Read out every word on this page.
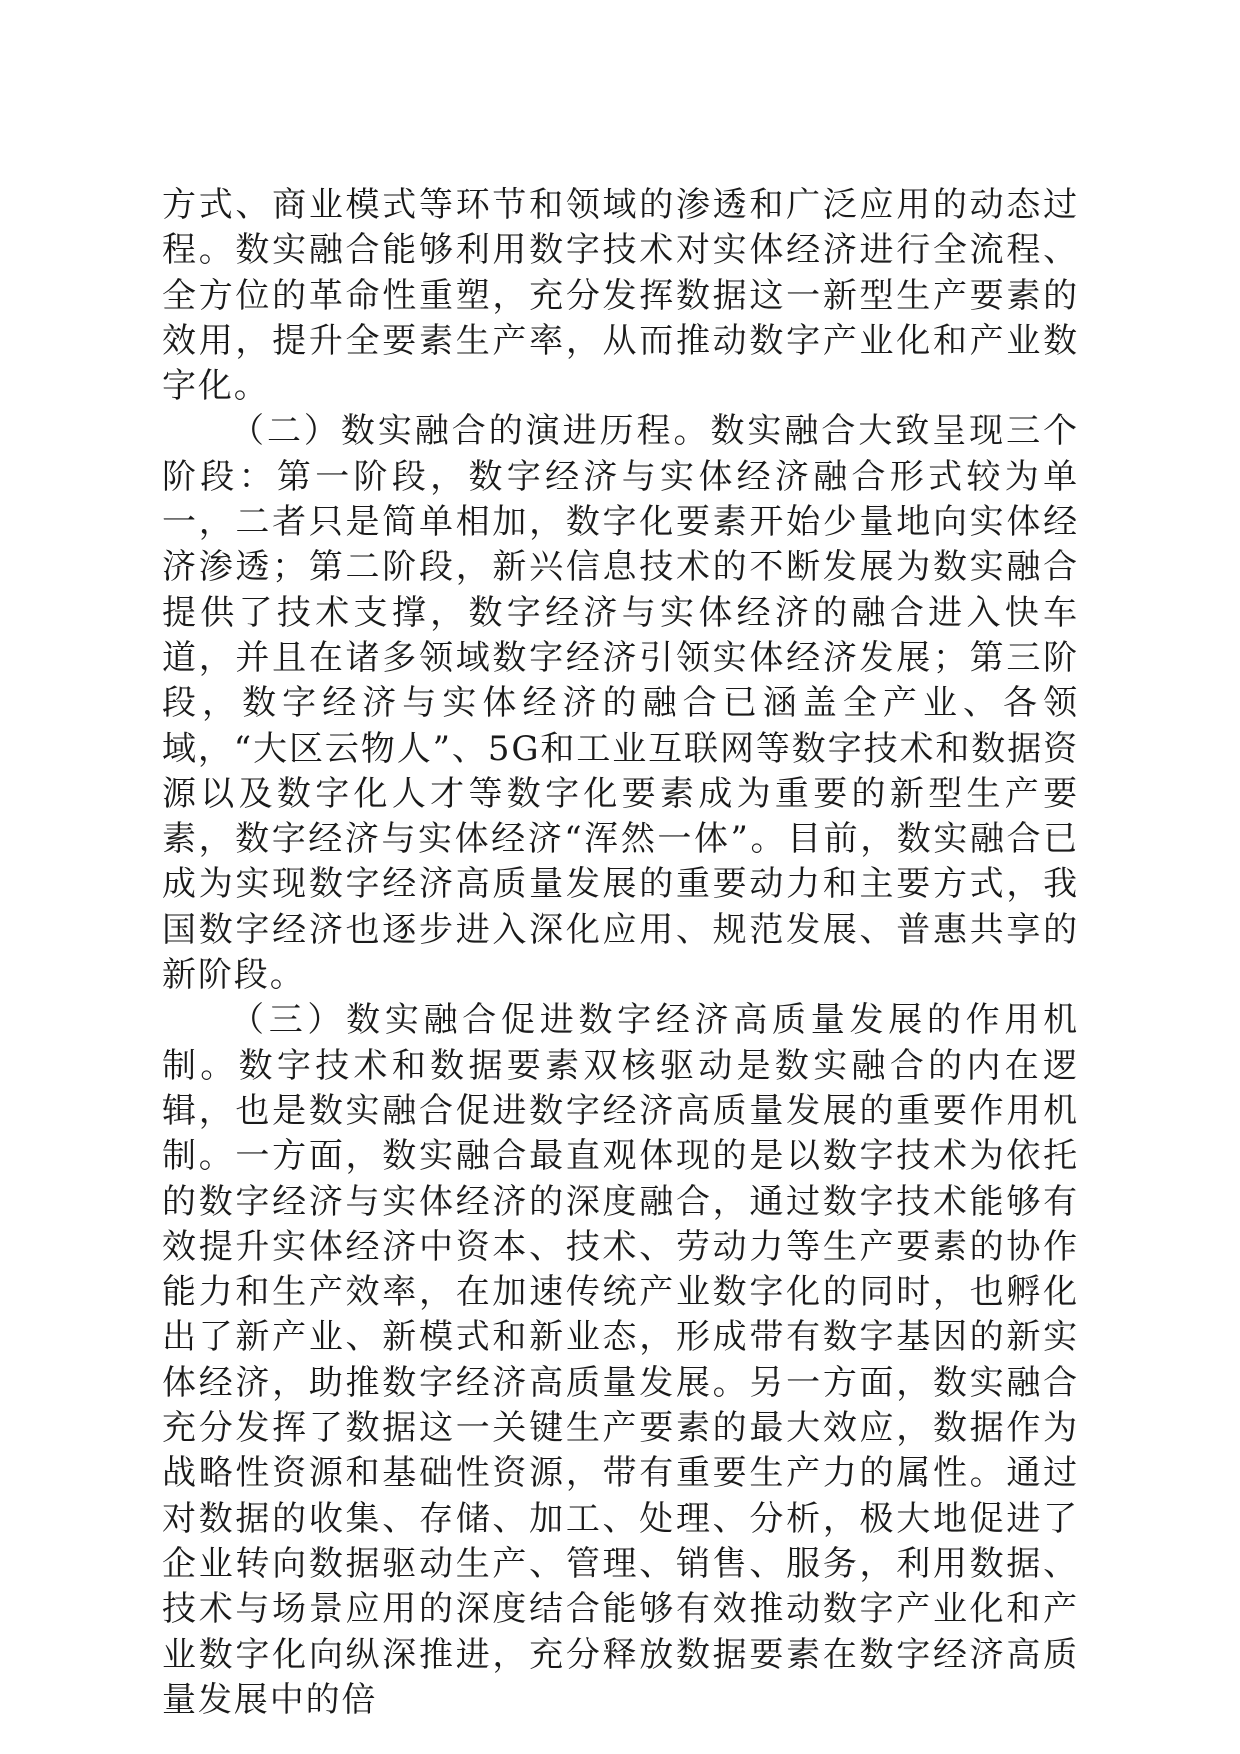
方式、商业模式等环节和领域的渗透和广泛应用的动态过程。数实融合能够利用数字技术对实体经济进行全流程、全方位的革命性重塑，充分发挥数据这一新型生产要素的效用，提升全要素生产率，从而推动数字产业化和产业数字化。

（二）数实融合的演进历程。数实融合大致呈现三个阶段：第一阶段，数字经济与实体经济融合形式较为单一，二者只是简单相加，数字化要素开始少量地向实体经济渗透；第二阶段，新兴信息技术的不断发展为数实融合提供了技术支撑，数字经济与实体经济的融合进入快车道，并且在诸多领域数字经济引领实体经济发展；第三阶段，数字经济与实体经济的融合已涵盖全产业、各领域，“大区云物人”、5G和工业互联网等数字技术和数据资源以及数字化人才等数字化要素成为重要的新型生产要素，数字经济与实体经济“浑然一体”。目前，数实融合已成为实现数字经济高质量发展的重要动力和主要方式，我国数字经济也逐步进入深化应用、规范发展、普惠共享的新阶段。

（三）数实融合促进数字经济高质量发展的作用机制。数字技术和数据要素双核驱动是数实融合的内在逻辑，也是数实融合促进数字经济高质量发展的重要作用机制。一方面，数实融合最直观体现的是以数字技术为依托的数字经济与实体经济的深度融合，通过数字技术能够有效提升实体经济中资本、技术、劳动力等生产要素的协作能力和生产效率，在加速传统产业数字化的同时，也孵化出了新产业、新模式和新业态，形成带有数字基因的新实体经济，助推数字经济高质量发展。另一方面，数实融合充分发挥了数据这一关键生产要素的最大效应，数据作为战略性资源和基础性资源，带有重要生产力的属性。通过对数据的收集、存储、加工、处理、分析，极大地促进了企业转向数据驱动生产、管理、销售、服务，利用数据、技术与场景应用的深度结合能够有效推动数字产业化和产业数字化向纵深推进，充分释放数据要素在数字经济高质量发展中的倍
